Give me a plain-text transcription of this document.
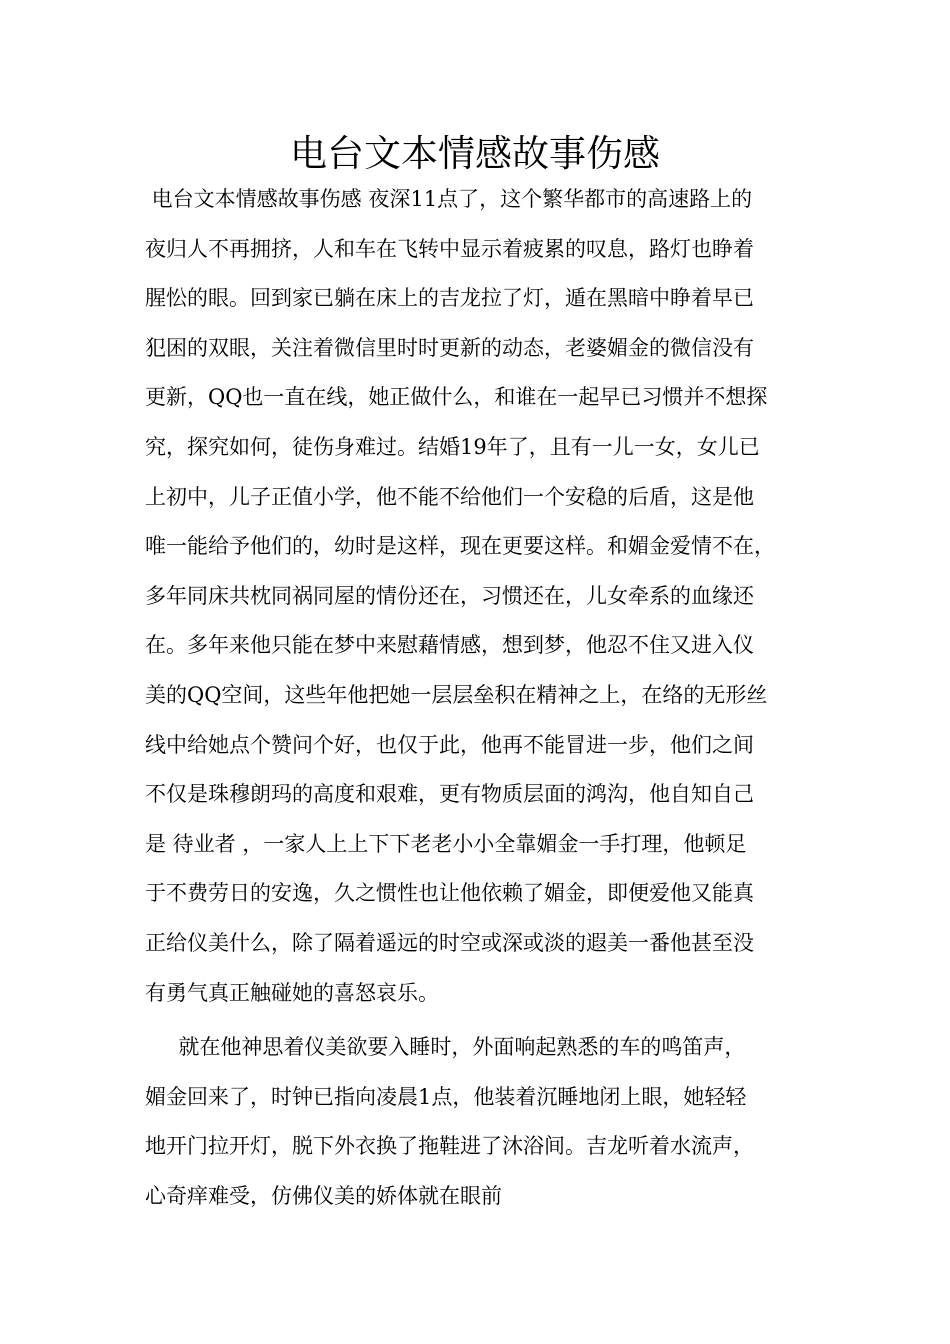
电台文本情感故事伤感
电台文本情感故事伤感 夜深11点了，这个繁华都市的高速路上的
夜归人不再拥挤，人和车在飞转中显示着疲累的叹息，路灯也睁着
腥忪的眼。回到家已躺在床上的吉龙拉了灯，遁在黑暗中睁着早已
犯困的双眼，关注着微信里时时更新的动态，老婆媚金的微信没有
更新，QQ也一直在线，她正做什么，和谁在一起早已习惯并不想探
究，探究如何，徒伤身难过。结婚19年了，且有一儿一女，女儿已
上初中，儿子正值小学，他不能不给他们一个安稳的后盾，这是他
唯一能给予他们的，幼时是这样，现在更要这样。和媚金爱情不在，
多年同床共枕同祸同屋的情份还在，习惯还在，儿女牵系的血缘还
在。多年来他只能在梦中来慰藉情感，想到梦，他忍不住又进入仪
美的QQ空间，这些年他把她一层层垒积在精神之上，在络的无形丝
线中给她点个赞问个好，也仅于此，他再不能冒进一步，他们之间
不仅是珠穆朗玛的高度和艰难，更有物质层面的鸿沟，他自知自己
是 待业者 ，一家人上上下下老老小小全靠媚金一手打理，他顿足
于不费劳日的安逸，久之惯性也让他依赖了媚金，即便爱他又能真
正给仪美什么，除了隔着遥远的时空或深或淡的遐美一番他甚至没
有勇气真正触碰她的喜怒哀乐。
就在他神思着仪美欲要入睡时，外面响起熟悉的车的鸣笛声，
媚金回来了，时钟已指向凌晨1点，他装着沉睡地闭上眼，她轻轻
地开门拉开灯，脱下外衣换了拖鞋进了沐浴间。吉龙听着水流声，
心奇痒难受，仿佛仪美的娇体就在眼前
